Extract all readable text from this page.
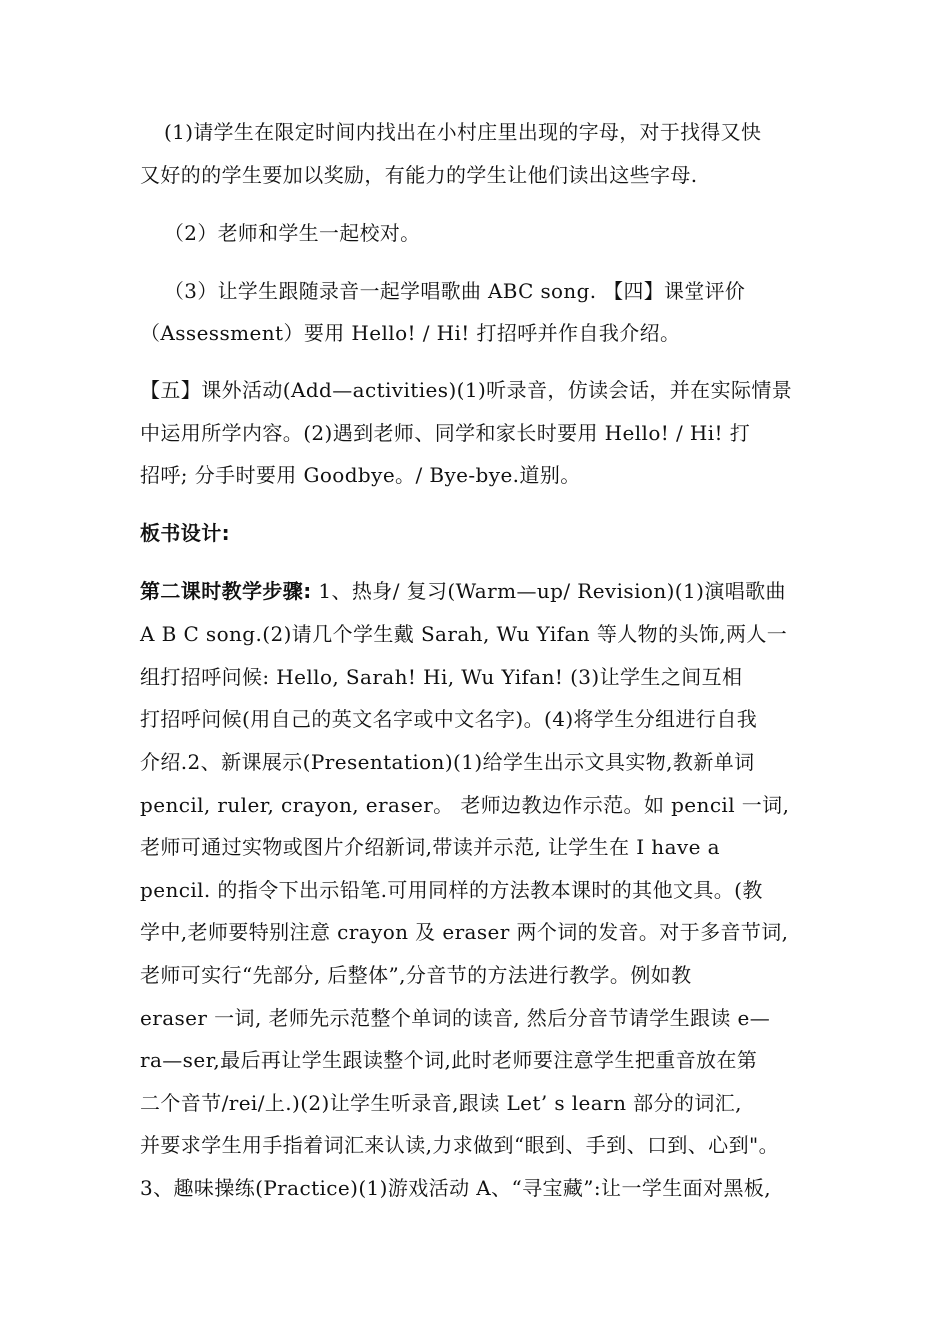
(1)请学生在限定时间内找出在小村庄里出现的字母，对于找得又快
又好的的学生要加以奖励，有能力的学生让他们读出这些字母.
（2）老师和学生一起校对。
（3）让学生跟随录音一起学唱歌曲 ABC song. 【四】课堂评价
（Assessment）要用 Hello! / Hi! 打招呼并作自我介绍。
【五】课外活动(Add—activities)(1)听录音，仿读会话，并在实际情景
中运用所学内容。(2)遇到老师、同学和家长时要用 Hello! / Hi! 打
招呼; 分手时要用 Goodbye。/ Bye-bye.道别。
板书设计:
第二课时教学步骤: 1、热身/ 复习(Warm—up/ Revision)(1)演唱歌曲
A B C song.(2)请几个学生戴 Sarah, Wu Yifan 等人物的头饰,两人一
组打招呼问候: Hello, Sarah! Hi, Wu Yifan! (3)让学生之间互相
打招呼问候(用自己的英文名字或中文名字)。(4)将学生分组进行自我
介绍.2、新课展示(Presentation)(1)给学生出示文具实物,教新单词
pencil, ruler, crayon, eraser。 老师边教边作示范。如 pencil 一词,
老师可通过实物或图片介绍新词,带读并示范, 让学生在 I have a
pencil. 的指令下出示铅笔.可用同样的方法教本课时的其他文具。(教
学中,老师要特别注意 crayon 及 eraser 两个词的发音。对于多音节词,
老师可实行“先部分, 后整体”,分音节的方法进行教学。例如教
eraser 一词, 老师先示范整个单词的读音, 然后分音节请学生跟读 e—
ra—ser,最后再让学生跟读整个词,此时老师要注意学生把重音放在第
二个音节/rei/上.)(2)让学生听录音,跟读 Let’ s learn 部分的词汇,
并要求学生用手指着词汇来认读,力求做到“眼到、手到、口到、心到"。
3、趣味操练(Practice)(1)游戏活动 A、“寻宝藏”:让一学生面对黑板,
